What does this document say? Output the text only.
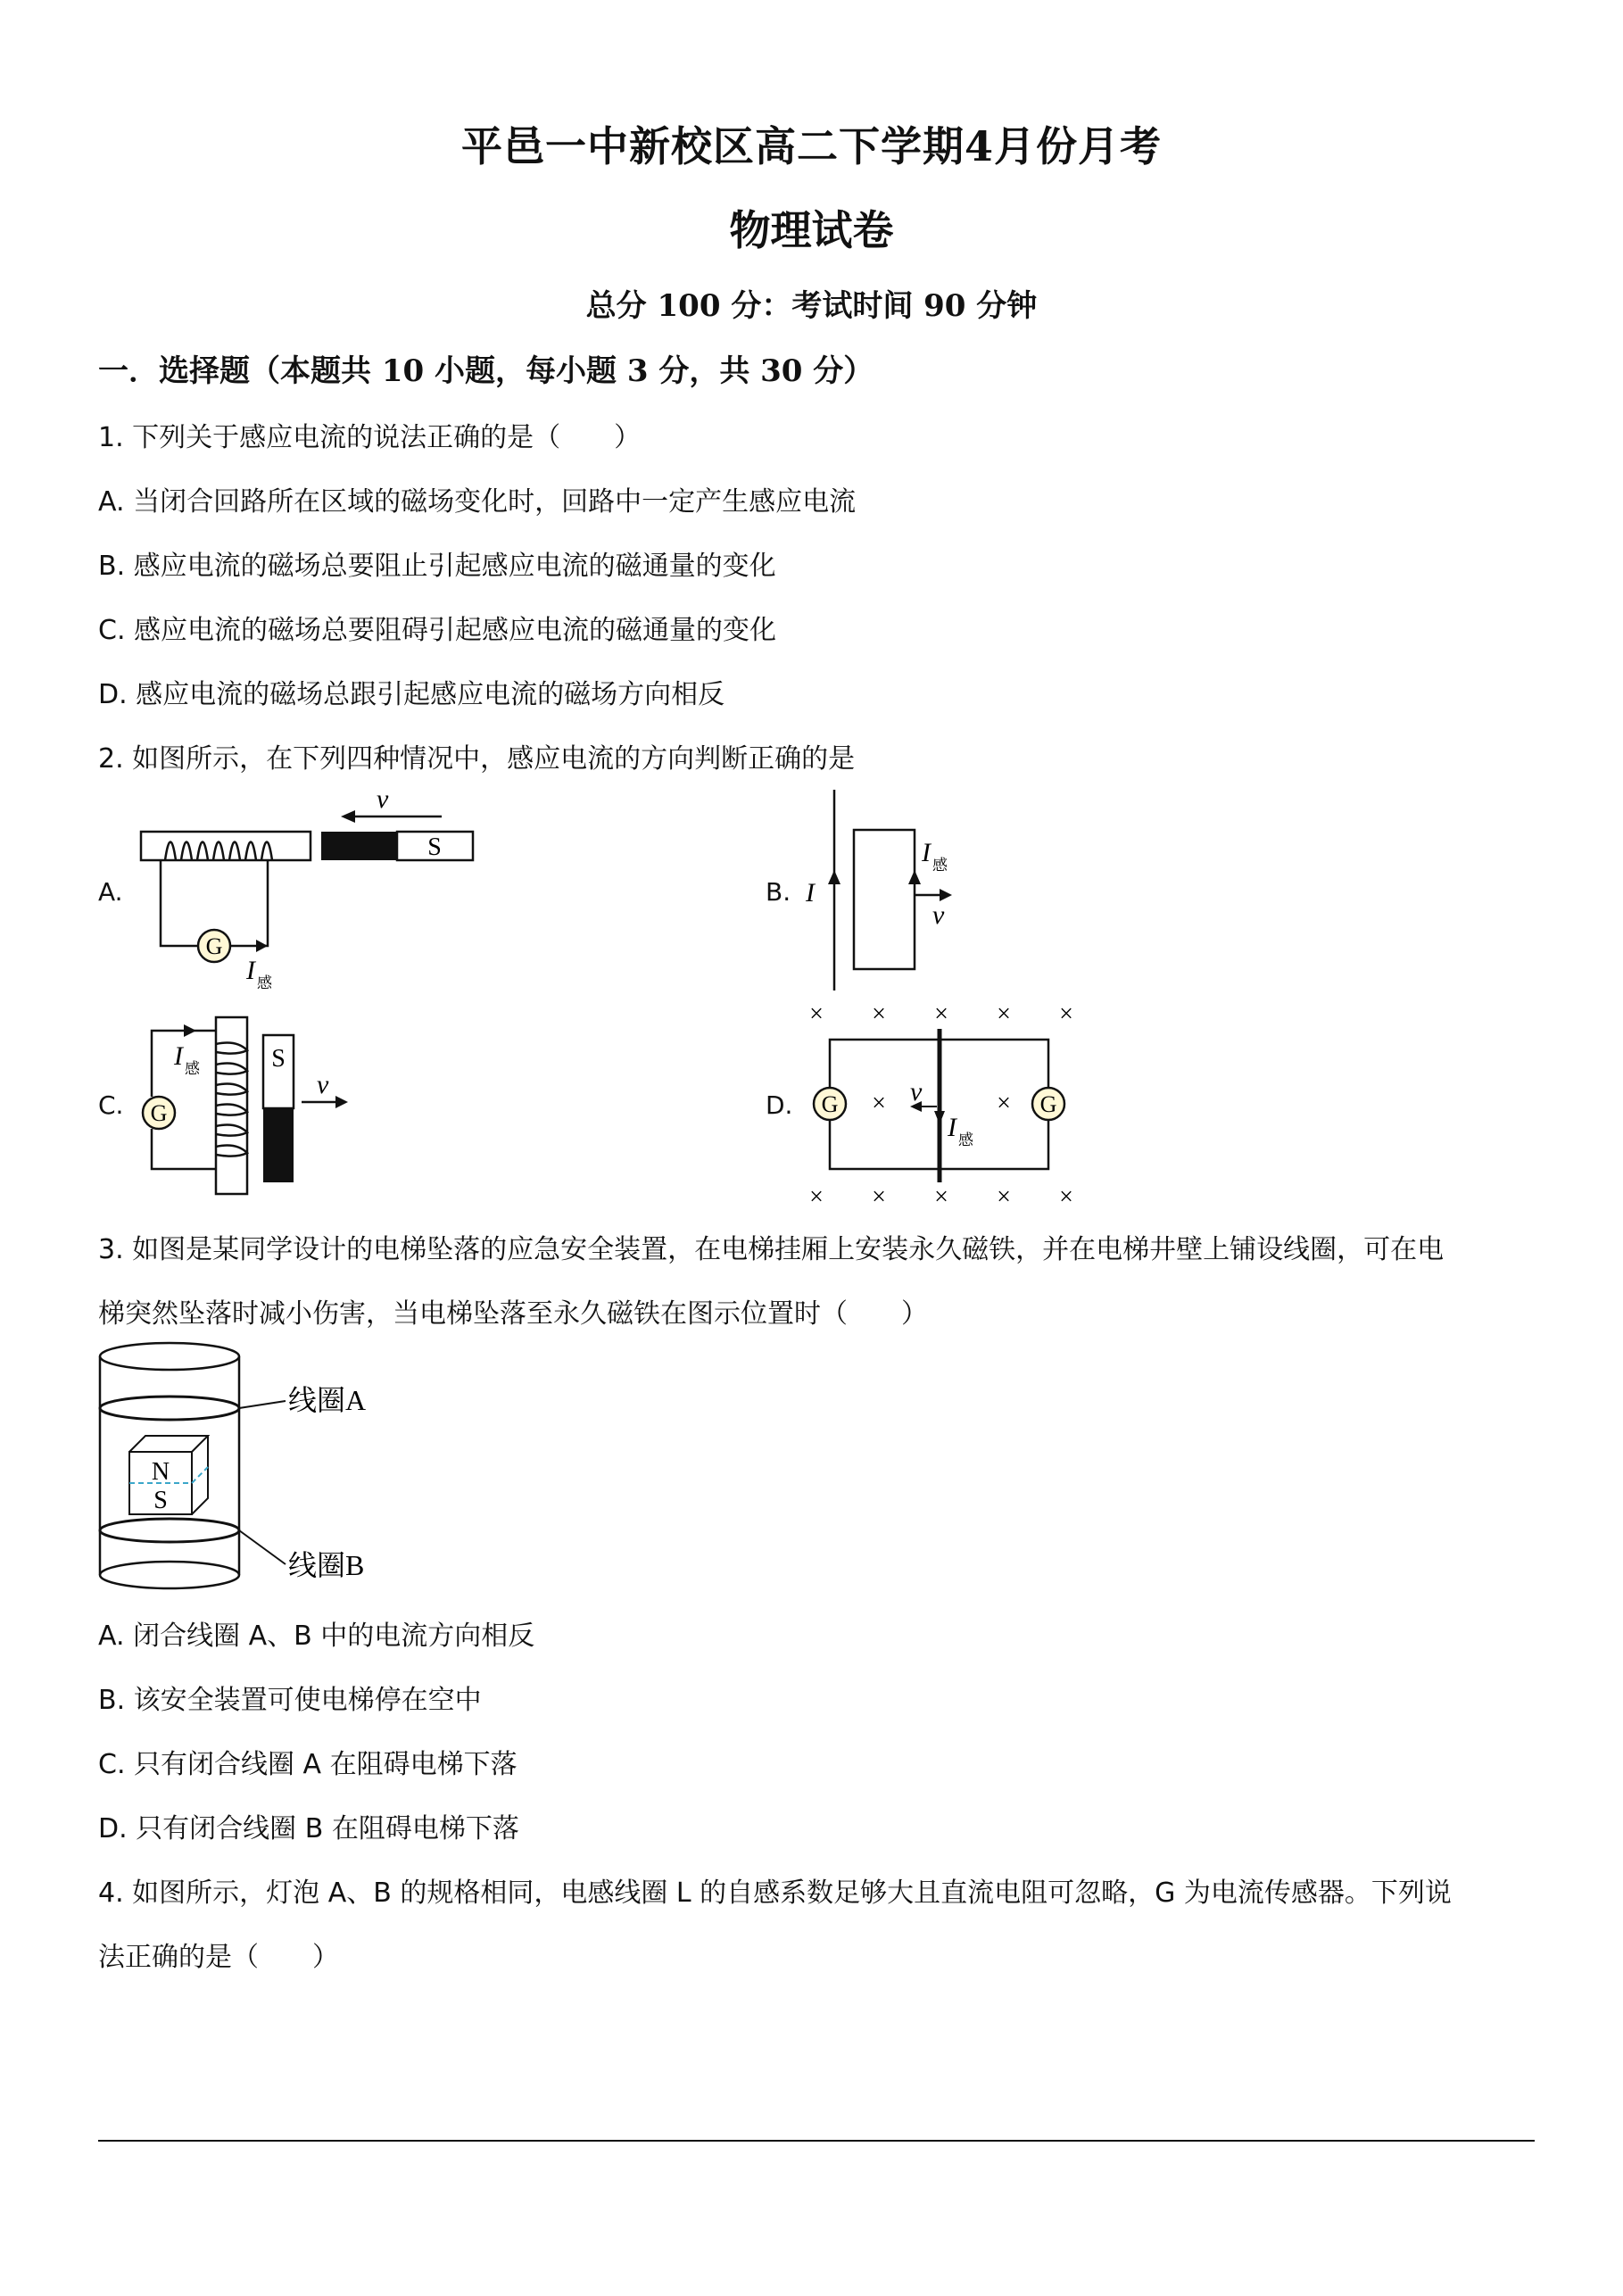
平邑一中新校区高二下学期4月份月考
物理试卷
总分 100 分：考试时间 90 分钟
一．选择题（本题共 10 小题，每小题 3 分，共 30 分）
1. 下列关于感应电流的说法正确的是（　　）
A. 当闭合回路所在区域的磁场变化时，回路中一定产生感应电流
B. 感应电流的磁场总要阻止引起感应电流的磁通量的变化
C. 感应电流的磁场总要阻碍引起感应电流的磁通量的变化
D. 感应电流的磁场总跟引起感应电流的磁场方向相反
2. 如图所示，在下列四种情况中，感应电流的方向判断正确的是
A.	B.
C.	D.
G
S
v
I 感
I
I 感
v
I 感
G
S
v
× × × × ×
×	×
× × × × ×
G	G
v
I 感
3. 如图是某同学设计的电梯坠落的应急安全装置，在电梯挂厢上安装永久磁铁，并在电梯井壁上铺设线圈，可在电
梯突然坠落时减小伤害，当电梯坠落至永久磁铁在图示位置时（　　）
N
S
线圈A
线圈B
A. 闭合线圈 A、B 中的电流方向相反
B. 该安全装置可使电梯停在空中
C. 只有闭合线圈 A 在阻碍电梯下落
D. 只有闭合线圈 B 在阻碍电梯下落
4. 如图所示，灯泡 A、B 的规格相同，电感线圈 L 的自感系数足够大且直流电阻可忽略，G 为电流传感器。下列说
法正确的是（　　）
